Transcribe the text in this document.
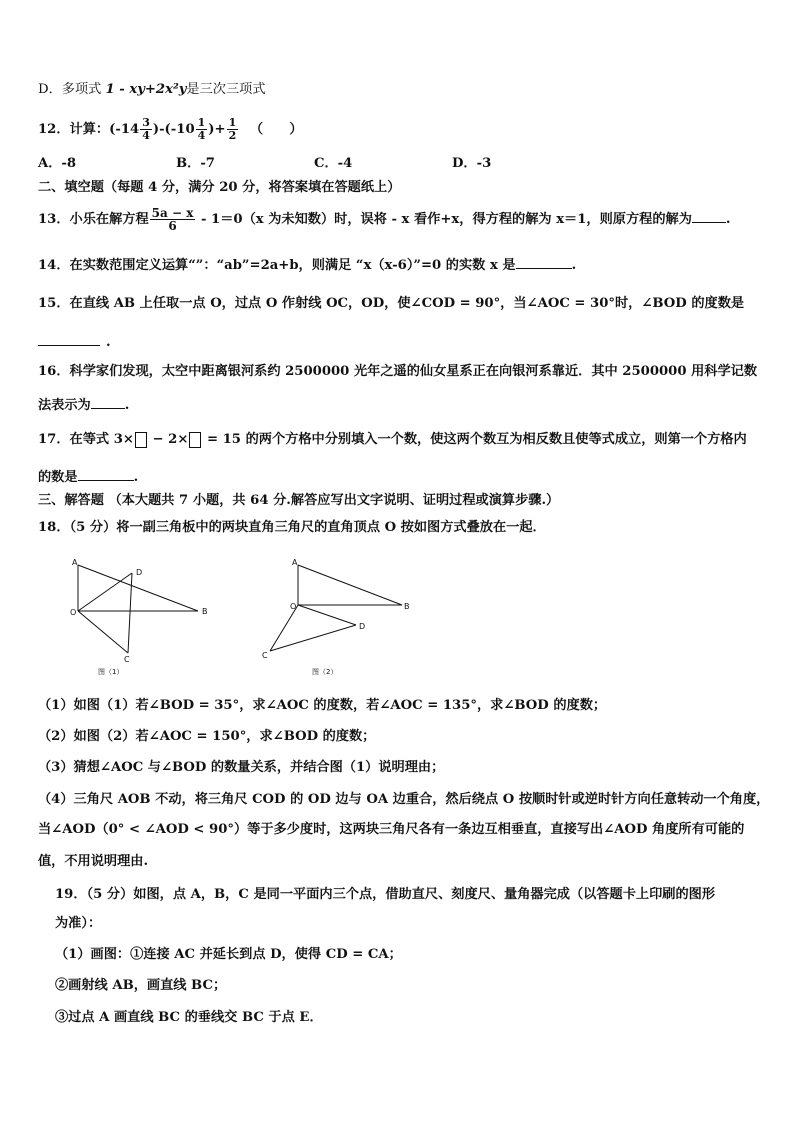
D．多项式 1 - xy+2x²y是三次三项式
12．计算：$(-14 \frac{3}{4} )-(-10 \frac{1}{4}$ )+ $\frac{1}{2}$ （　　）
A．-8	B．-7	C．-4	D．-3
二、填空题（每题 4 分，满分 20 分，将答案填在答题纸上）
13．小乐在解方程 $\frac{5a - x}{6} - 1=0(x$ 为未知数）时，误将 - x 看作+x，得方程的解为 x＝1，则原方程的解为	.
14．在实数范围定义运算“”：“ab”=2a+b，则满足 “x（x-6）”=0 的实数 x 是	.
15．在直线 AB 上任取一点 O，过点 O 作射线 OC，OD，使∠COD = 90°，当∠AOC = 30°时，∠BOD 的度数是
.
16．科学家们发现，太空中距离银河系约 2500000 光年之遥的仙女星系正在向银河系靠近．其中 2500000 用科学记数
法表示为	.
17．在等式 3× − 2× = 15 的两个方格中分别填入一个数，使这两个数互为相反数且使等式成立，则第一个方格内
的数是	.
三、解答题 （本大题共 7 小题，共 64 分.解答应写出文字说明、证明过程或演算步骤.）
18．（5 分）将一副三角板中的两块直角三角尺的直角顶点 O 按如图方式叠放在一起．
A
B
C
D
O
图（1）
A
B
C
D
O
图（2）
（1）如图（1）若∠BOD = 35°，求∠AOC 的度数，若∠AOC = 135°，求∠BOD 的度数；
（2）如图（2）若∠AOC = 150°，求∠BOD 的度数；
（3）猜想∠AOC 与∠BOD 的数量关系，并结合图（1）说明理由；
（4）三角尺 AOB 不动，将三角尺 COD 的 OD 边与 OA 边重合，然后绕点 O 按顺时针或逆时针方向任意转动一个角度，
当∠AOD（0° < ∠AOD < 90°）等于多少度时，这两块三角尺各有一条边互相垂直，直接写出∠AOD 角度所有可能的
值，不用说明理由.
19．（5 分）如图，点 A，B，C 是同一平面内三个点，借助直尺、刻度尺、量角器完成（以答题卡上印刷的图形
为准）：
（1）画图：①连接 AC 并延长到点 D，使得 CD = CA；
②画射线 AB，画直线 BC；
③过点 A 画直线 BC 的垂线交 BC 于点 E．
